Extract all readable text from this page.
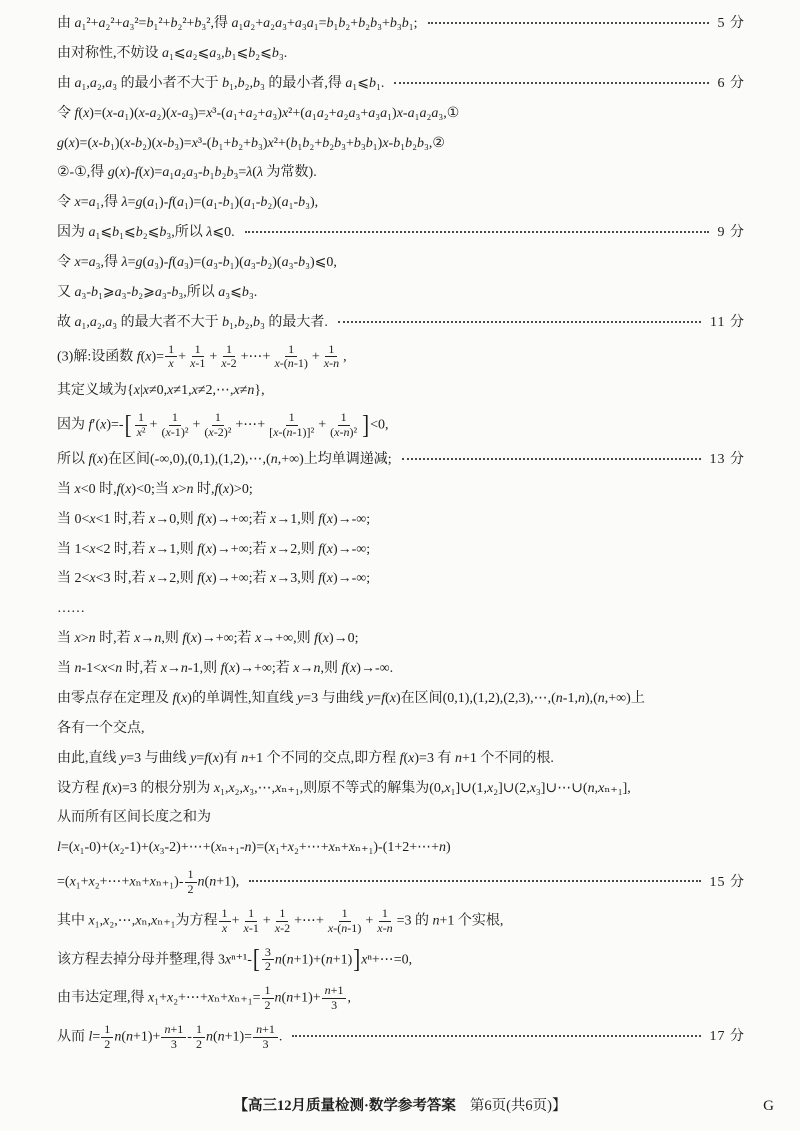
由 a₁²+a₂²+a₃²=b₁²+b₂²+b₃²,得 a₁a₂+a₂a₃+a₃a₁=b₁b₂+b₂b₃+b₃b₁;	5 分
由对称性,不妨设 a₁⩽a₂⩽a₃,b₁⩽b₂⩽b₃.
由 a₁,a₂,a₃ 的最小者不大于 b₁,b₂,b₃ 的最小者,得 a₁⩽b₁.	6 分
令 f(x)=(x-a₁)(x-a₂)(x-a₃)=x³-(a₁+a₂+a₃)x²+(a₁a₂+a₂a₃+a₃a₁)x-a₁a₂a₃,①
g(x)=(x-b₁)(x-b₂)(x-b₃)=x³-(b₁+b₂+b₃)x²+(b₁b₂+b₂b₃+b₃b₁)x-b₁b₂b₃,②
②-①,得 g(x)-f(x)=a₁a₂a₃-b₁b₂b₃=λ(λ 为常数).
令 x=a₁,得 λ=g(a₁)-f(a₁)=(a₁-b₁)(a₁-b₂)(a₁-b₃),
因为 a₁⩽b₁⩽b₂⩽b₃,所以 λ⩽0.	9 分
令 x=a₃,得 λ=g(a₃)-f(a₃)=(a₃-b₁)(a₃-b₂)(a₃-b₃)⩽0,
又 a₃-b₁⩾a₃-b₂⩾a₃-b₃,所以 a₃⩽b₃.
故 a₁,a₂,a₃ 的最大者不大于 b₁,b₂,b₃ 的最大者.	11 分
(3)解:设函数 $f(x)= \frac{1}{x} + \frac{1}{x-1} + \frac{1}{x-2}$ +⋯+ $\frac{1}{x-(n-1)} + \frac{1}{x-n}$ ,
其定义域为{x|x≠0,x≠1,x≠2,⋯,x≠n},
因为 $f'(x)=-[ \frac{1}{\text{x²}} + \frac{1}{\text{(x-1)²}} + \frac{1}{\text{(x-2)²}}$ +⋯+ $\frac{1}{\text{[x-(n-1)]²}} + \frac{1}{\text{(x-n)²}} ]<0$,
所以 f(x)在区间(-∞,0),(0,1),(1,2),⋯,(n,+∞)上均单调递减;	13 分
当 x<0 时,f(x)<0;当 x>n 时,f(x)>0;
当 0<x<1 时,若 x→0,则 f(x)→+∞;若 x→1,则 f(x)→-∞;
当 1<x<2 时,若 x→1,则 f(x)→+∞;若 x→2,则 f(x)→-∞;
当 2<x<3 时,若 x→2,则 f(x)→+∞;若 x→3,则 f(x)→-∞;
……
当 x>n 时,若 x→n,则 f(x)→+∞;若 x→+∞,则 f(x)→0;
当 n-1<x<n 时,若 x→n-1,则 f(x)→+∞;若 x→n,则 f(x)→-∞.
由零点存在定理及 f(x)的单调性,知直线 y=3 与曲线 y=f(x)在区间(0,1),(1,2),(2,3),⋯,(n-1,n),(n,+∞)上
各有一个交点,
由此,直线 y=3 与曲线 y=f(x)有 n+1 个不同的交点,即方程 f(x)=3 有 n+1 个不同的根.
设方程 f(x)=3 的根分别为 x₁,x₂,x₃,⋯,xₙ₊₁,则原不等式的解集为(0,x₁]∪(1,x₂]∪(2,x₃]∪⋯∪(n,xₙ₊₁],
从而所有区间长度之和为
l=(x₁-0)+(x₂-1)+(x₃-2)+⋯+(xₙ₊₁-n)=(x₁+x₂+⋯+xₙ+xₙ₊₁)-(1+2+⋯+n)
=(x₁+x₂+⋯+xₙ+xₙ₊₁)- $\frac{1}{2} n(n+1)$,	15 分
其中 x₁,x₂,⋯,xₙ,xₙ₊₁为方程 $\frac{1}{x} + \frac{1}{x-1} + \frac{1}{x-2}$ +⋯+ $\frac{1}{x-(n-1)} + \frac{1}{x-n} =3$ 的 n+1 个实根,
该方程去掉分母并整理,得 $3x^{n+1}-[ \frac{3}{2}$ n(n+1)+(n+1)]xⁿ+⋯=0,
由韦达定理,得 x₁+x₂+⋯+xₙ+xₙ₊₁= $\frac{1}{2} n(n+1)+ \frac{n+1}{3}$ ,
从而 $l= \frac{1}{2} n(n+1)+ \frac{n+1}{3} - \frac{1}{2} n(n+1)= \frac{n+1}{3}$ .	17 分
【高三12月质量检测·数学参考答案 第6页(共6页)】	G
